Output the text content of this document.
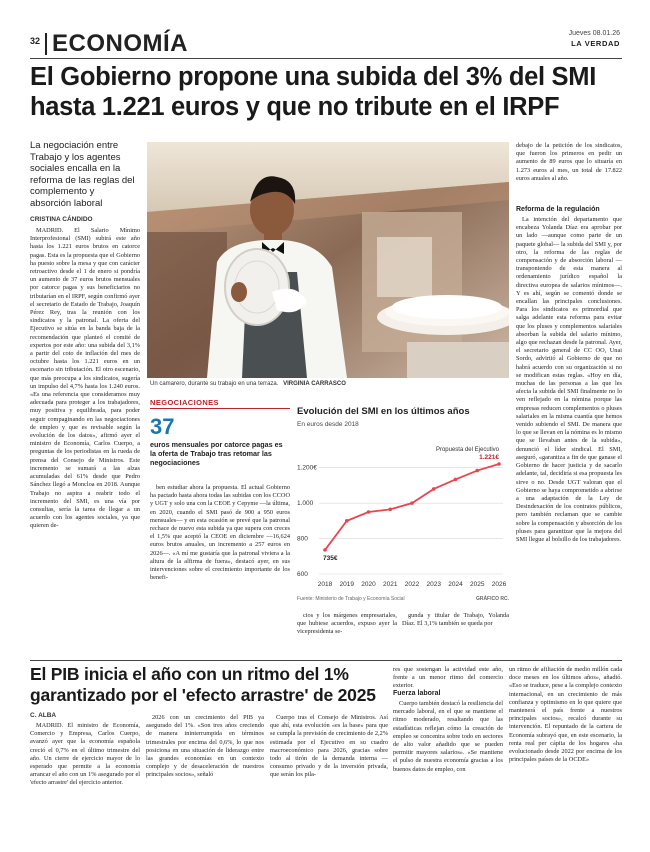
32 ECONOMÍA	Jueves 08.01.26
LA VERDAD
El Gobierno propone una subida del 3% del SMI
hasta 1.221 euros y que no tribute en el IRPF
La negociación entre Trabajo y los agentes sociales encalla en la reforma de las reglas del complemento y absorción laboral
CRISTINA CÁNDIDO

MADRID. El Salario Mínimo Interprofesional (SMI) subirá este año hasta los 1.221 euros brutos en catorce pagas. Esta es la propuesta que el Gobierno ha puesto sobre la mesa y que con carácter retroactivo desde el 1 de enero si pondría un aumento de 37 euros brutos mensuales por catorce pagas y sus beneficiarios no tributarían en el IRPF, según confirmó ayer el secretario de Estado de Trabajo, Joaquín Pérez Rey, tras la reunión con los sindicatos y la patronal. La oferta del Ejecutivo se sitúa en la banda baja de la recomendación que planteó el comité de expertos por este año: una subida del 3,1% a partir del coto de inflación del mes de octubre hasta los 1.221 euros en un escenario sin tributación. El otro escenario, que más preocupa a los sindicatos, sugería un impulso del 4,7% hasta los 1.240 euros. «Es una referencia que consideramos muy adecuada para proteger a los trabajadores, muy positiva y equilibrada, para poder seguir compaginando en las negociaciones de empleo y que es revisable según la evolución de los datos», afirmó ayer el ministro de Economía, Carlos Cuerpo, a preguntas de los periodistas en la rueda de prensa del Consejo de Ministros. Este incremento se sumará a las alzas acumuladas del 61% desde que Pedro Sánchez llegó a Moncloa en 2018. Aunque Trabajo no aspira a reabrir todo el incremento del SMI, es una vía por consultas, sería la tarea de llegar a un acuerdo con los agentes sociales, ya que quieren de-

Un camarero, durante su trabajo en una terraza. VIRGINIA CARRASCO
NEGOCIACIONES
37
euros mensuales por catorce pagas es la oferta de Trabajo tras retomar las negociaciones

ben estudiar ahora la propuesta. El actual Gobierno ha pactado hasta ahora todas las subidas con los CCOO y UGT y solo una con la CEOE y Cepyme —la última, en 2020, cuando el SMI pasó de 900 a 950 euros mensuales— y en esta ocasión se prevé que la patronal rechace de nuevo esta subida ya que supera con creces el 1,5% que aceptó la CEOE en diciembre —16,624 euros brutos anuales, un incremento a 257 euros en 2026—. «A mí me gustaría que la patronal viviera a la altura de la alfirma de fuera», destacó ayer, en sus intervenciones sobre el crecimiento importante de los benefi-

Evolución del SMI en los últimos años
En euros desde 2018
600
800
1.000
1.200€
2018 2019 2020 2021 2022 2023 2024 2025 2026
735€
1.221€
Propuesta del Ejecutivo
Fuente: Ministerio de Trabajo y Economía Social	GRÁFICO RC.

cios y los márgenes empresariales, que hubiese acuerdos, expuso ayer la vicepresidenta se-

gunda y titular de Trabajo, Yolanda Díaz. El 3,1% también se queda por

debajo de la petición de los sindicatos, que fueron los primeros en pedir un aumento de 89 euros que lo situaría en 1.273 euros al mes, un total de 17.822 euros anuales al año.

Reforma de la regulación

La intención del departamento que encabeza Yolanda Díaz era aprobar por un lado —aunque como parte de un paquete global— la subida del SMI y, por otro, la reforma de las reglas de compensación y de absorción laboral —transponiendo de esta manera al ordenamiento jurídico español la directiva europea de salarios mínimos—. Y es ahí, según se comentó donde se encallan las principales conclusiones. Para los sindicatos es primordial que salga adelante esta reforma para evitar que los pluses y complementos salariales absorban la subida del salario mínimo, algo que rechazan desde la patronal. Ayer, el secretario general de CC OO, Unai Sordo, advirtió al Gobierno de que no habrá acuerdo con su organización si no se modifican estas reglas. «Hoy en día, muchas de las personas a las que les afecta la subida del SMI finalmente no lo ven reflejado en la nómina porque las empresas reducen complementos o pluses salariales en la misma cuantía que hemos venido subiendo el SMI. De manera que lo que se llevan en la nómina es lo mismo que se llevaban antes de la subida», denunció el líder sindical. El SMI, aseguró, «garantiza a fin de que ganase el Gobierno de hacer justicia y de sacarlo adelante, tal, decidiría si esa propuesta les sirve o no. Desde UGT valoran que el Gobierno se haya comprometido a abrirse a una adaptación de la Ley de Desindexación de los contratos públicos, pero también reclaman que se cambie sobre la compensación y absorción de los pluses para garantizar que la mejora del SMI llegue al bolsillo de los trabajadores.

El PIB inicia el año con un ritmo del 1%
garantizado por el 'efecto arrastre' de 2025
C. ALBA

MADRID. El ministro de Economía, Comercio y Empresa, Carlos Cuerpo, avanzó ayer que la economía española creció el 0,7% en el último trimestre del año. Un cierre de ejercicio mayor de lo esperado que permite a la economía arrancar el año con un 1% asegurado por el 'efecto arrastre' del ejercicio anterior.

2026 con un crecimiento del PIB ya asegurado del 1%. «Son tres años creciendo de manera ininterrumpida en términos trimestrales por encima del 0,6%, lo que nos posiciona en una situación de liderazgo entre las grandes economías en un contexto complejo y de desaceleración de nuestros principales socios», señaló

Cuerpo tras el Consejo de Ministros. Así que ahí, esta evolución «es la base» para que se cumpla la previsión de crecimiento de 2,2% estimada por el Ejecutivo en su cuadro macroeconómico para 2026, gracias sobre todo al tirón de la demanda interna —consumo privado y de la inversión privada, que serán los pila-

res que sostengan la actividad este año, frente a un menor ritmo del comercio exterior.

Fuerza laboral

Cuerpo también destacó la resiliencia del mercado laboral, en el que se mantiene el ritmo moderado, resaltando que las estadísticas reflejan cómo la creación de empleo se concentra sobre todo en sectores de alto valor añadido que se pueden permitir mayores salarios». «Se mantiene el pulso de nuestra economía gracias a los buenos datos de empleo, con

un ritmo de afiliación de medio millón cada doce meses en los últimos años», añadió. «Eso se traduce, pese a la complejo contexto internacional, en un crecimiento de más confianza y optimismo en lo que quiere que mantenerá el país frente a nuestros principales socios», recalcó durante su intervención. El repuntado de la cartera de Economía subrayó que, en este escenario, la renta real per cápita de los hogares «ha evolucionado desde 2022 por encima de los principales países de la OCDE»
